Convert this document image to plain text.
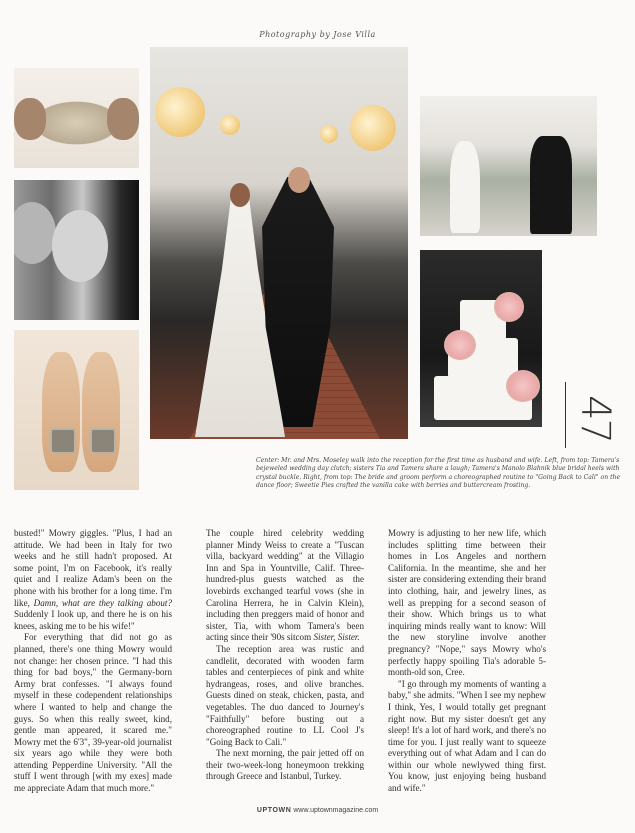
Photography by Jose Villa
47
Center: Mr. and Mrs. Moseley walk into the reception for the first time as husband and wife. Left, from top: Tamera's bejeweled wedding day clutch; sisters Tia and Tamera share a laugh; Tamera's Manolo Blahnik blue bridal heels with crystal buckle. Right, from top: The bride and groom perform a choreographed routine to "Going Back to Cali" on the dance floor; Sweetie Pies crafted the vanilla cake with berries and buttercream frosting.

busted!" Mowry giggles. "Plus, I had an attitude. We had been in Italy for two weeks and he still hadn't proposed. At some point, I'm on Facebook, it's really quiet and I realize Adam's been on the phone with his brother for a long time. I'm like, Damn, what are they talking about? Suddenly I look up, and there he is on his knees, asking me to be his wife!"

For everything that did not go as planned, there's one thing Mowry would not change: her chosen prince. "I had this thing for bad boys," the Germany-born Army brat confesses. "I always found myself in these codependent relationships where I wanted to help and change the guys. So when this really sweet, kind, gentle man appeared, it scared me." Mowry met the 6'3", 39-year-old journalist six years ago while they were both attending Pepperdine University. "All the stuff I went through [with my exes] made me appreciate Adam that much more."

The couple hired celebrity wedding planner Mindy Weiss to create a "Tuscan villa, backyard wedding" at the Villagio Inn and Spa in Yountville, Calif. Three-hundred-plus guests watched as the lovebirds exchanged tearful vows (she in Carolina Herrera, he in Calvin Klein), including then preggers maid of honor and sister, Tia, with whom Tamera's been acting since their '90s sitcom Sister, Sister.

The reception area was rustic and candlelit, decorated with wooden farm tables and centerpieces of pink and white hydrangeas, roses, and olive branches. Guests dined on steak, chicken, pasta, and vegetables. The duo danced to Journey's "Faithfully" before busting out a choreographed routine to LL Cool J's "Going Back to Cali."

The next morning, the pair jetted off on their two-week-long honeymoon trekking through Greece and Istanbul, Turkey.

Mowry is adjusting to her new life, which includes splitting time between their homes in Los Angeles and northern California. In the meantime, she and her sister are considering extending their brand into clothing, hair, and jewelry lines, as well as prepping for a second season of their show. Which brings us to what inquiring minds really want to know: Will the new storyline involve another pregnancy? "Nope," says Mowry who's perfectly happy spoiling Tia's adorable 5-month-old son, Cree.

"I go through my moments of wanting a baby," she admits. "When I see my nephew I think, Yes, I would totally get pregnant right now. But my sister doesn't get any sleep! It's a lot of hard work, and there's no time for you. I just really want to squeeze everything out of what Adam and I can do within our whole newlywed thing first. You know, just enjoying being husband and wife."

UPTOWN www.uptownmagazine.com
